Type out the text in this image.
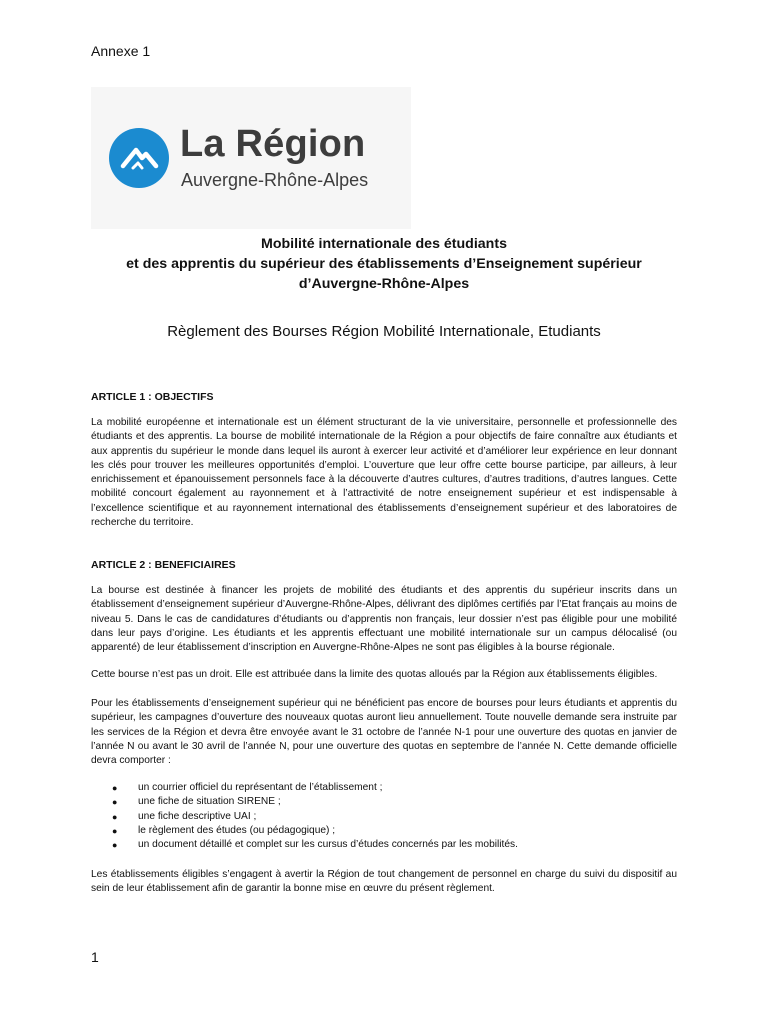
Annexe 1
La Région
Auvergne-Rhône-Alpes
Mobilité internationale des étudiants
et des apprentis du supérieur des établissements d’Enseignement supérieur
d’Auvergne-Rhône-Alpes
Règlement des Bourses Région Mobilité Internationale, Etudiants
ARTICLE 1 : OBJECTIFS
La mobilité européenne et internationale est un élément structurant de la vie universitaire, personnelle et professionnelle des étudiants et des apprentis. La bourse de mobilité internationale de la Région a pour objectifs de faire connaître aux étudiants et aux apprentis du supérieur le monde dans lequel ils auront à exercer leur activité et d’améliorer leur expérience en leur donnant les clés pour trouver les meilleures opportunités d’emploi. L’ouverture que leur offre cette bourse participe, par ailleurs, à leur enrichissement et épanouissement personnels face à la découverte d’autres cultures, d’autres traditions, d’autres langues. Cette mobilité concourt également au rayonnement et à l’attractivité de notre enseignement supérieur et est indispensable à l’excellence scientifique et au rayonnement international des établissements d’enseignement supérieur et des laboratoires de recherche du territoire.
ARTICLE 2 : BENEFICIAIRES
La bourse est destinée à financer les projets de mobilité des étudiants et des apprentis du supérieur inscrits dans un établissement d’enseignement supérieur d’Auvergne-Rhône-Alpes, délivrant des diplômes certifiés par l’Etat français au moins de niveau 5. Dans le cas de candidatures d’étudiants ou d’apprentis non français, leur dossier n’est pas éligible pour une mobilité dans leur pays d’origine. Les étudiants et les apprentis effectuant une mobilité internationale sur un campus délocalisé (ou apparenté) de leur établissement d’inscription en Auvergne-Rhône-Alpes ne sont pas éligibles à la bourse régionale.
Cette bourse n’est pas un droit. Elle est attribuée dans la limite des quotas alloués par la Région aux établissements éligibles.
Pour les établissements d’enseignement supérieur qui ne bénéficient pas encore de bourses pour leurs étudiants et apprentis du supérieur, les campagnes d’ouverture des nouveaux quotas auront lieu annuellement. Toute nouvelle demande sera instruite par les services de la Région et devra être envoyée avant le 31 octobre de l’année N-1 pour une ouverture des quotas en janvier de l’année N ou avant le 30 avril de l’année N, pour une ouverture des quotas en septembre de l’année N. Cette demande officielle devra comporter :
● un courrier officiel du représentant de l’établissement ;
● une fiche de situation SIRENE ;
● une fiche descriptive UAI ;
● le règlement des études (ou pédagogique) ;
● un document détaillé et complet sur les cursus d’études concernés par les mobilités.
Les établissements éligibles s’engagent à avertir la Région de tout changement de personnel en charge du suivi du dispositif au sein de leur établissement afin de garantir la bonne mise en œuvre du présent règlement.
1
